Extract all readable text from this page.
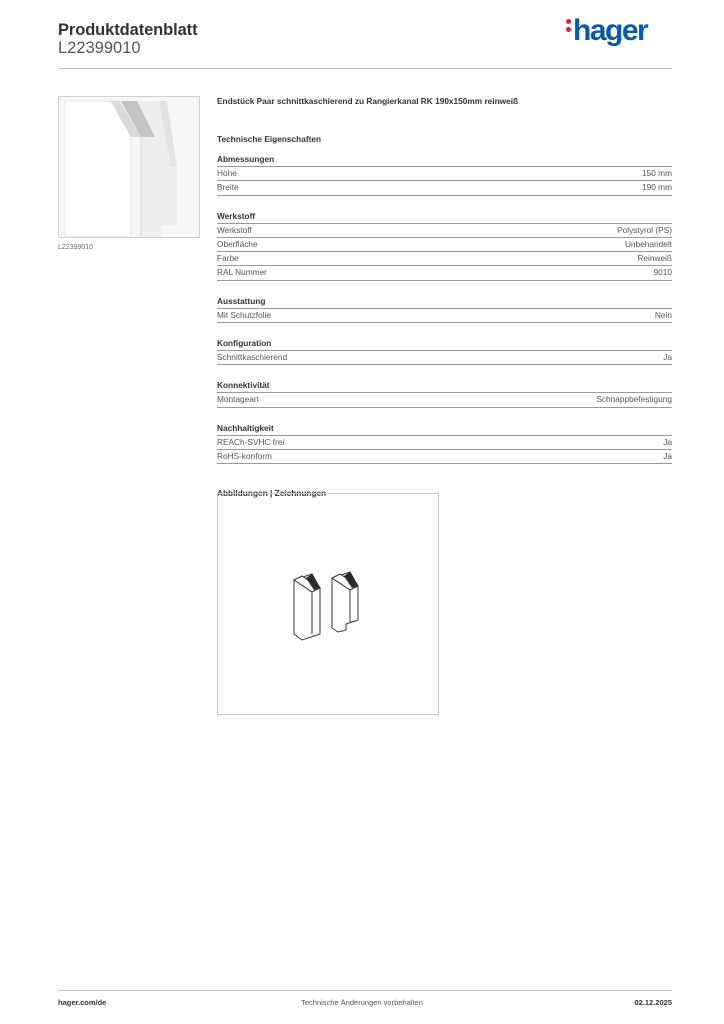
Produktdatenblatt
L22399010
hager
L22399010
Endstück Paar schnittkaschierend zu Rangierkanal RK 190x150mm reinweiß
Technische Eigenschaften
Abmessungen
Höhe	150 mm
Breite	190 mm
Werkstoff
Werkstoff	Polystyrol (PS)
Oberfläche	Unbehandelt
Farbe	Reinweiß
RAL Nummer	9010
Ausstattung
Mit Schutzfolie	Nein
Konfiguration
Schnittkaschierend	Ja
Konnektivität
Montageart	Schnappbefestigung
Nachhaltigkeit
REACh-SVHC frei	Ja
RoHS-konform	Ja
Abbildungen | Zeichnungen
hager.com/de	Technische Änderungen vorbehalten	02.12.2025
